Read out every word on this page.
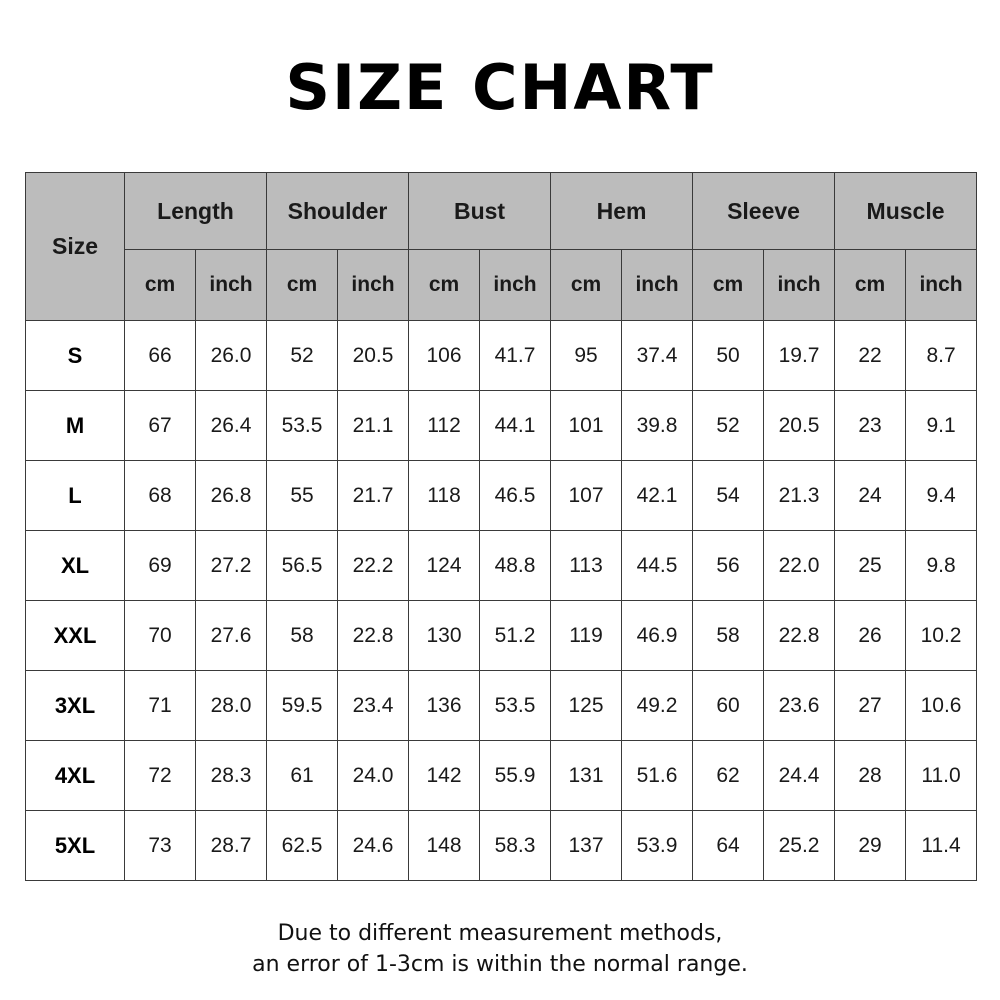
SIZE CHART
Size	Length		Shoulder		Bust		Hem		Sleeve		Muscle	
	cm	inch	cm	inch	cm	inch	cm	inch	cm	inch	cm	inch
S	66	26.0	52	20.5	106	41.7	95	37.4	50	19.7	22	8.7
M	67	26.4	53.5	21.1	112	44.1	101	39.8	52	20.5	23	9.1
L	68	26.8	55	21.7	118	46.5	107	42.1	54	21.3	24	9.4
XL	69	27.2	56.5	22.2	124	48.8	113	44.5	56	22.0	25	9.8
XXL	70	27.6	58	22.8	130	51.2	119	46.9	58	22.8	26	10.2
3XL	71	28.0	59.5	23.4	136	53.5	125	49.2	60	23.6	27	10.6
4XL	72	28.3	61	24.0	142	55.9	131	51.6	62	24.4	28	11.0
5XL	73	28.7	62.5	24.6	148	58.3	137	53.9	64	25.2	29	11.4
Due to different measurement methods,
an error of 1-3cm is within the normal range.
